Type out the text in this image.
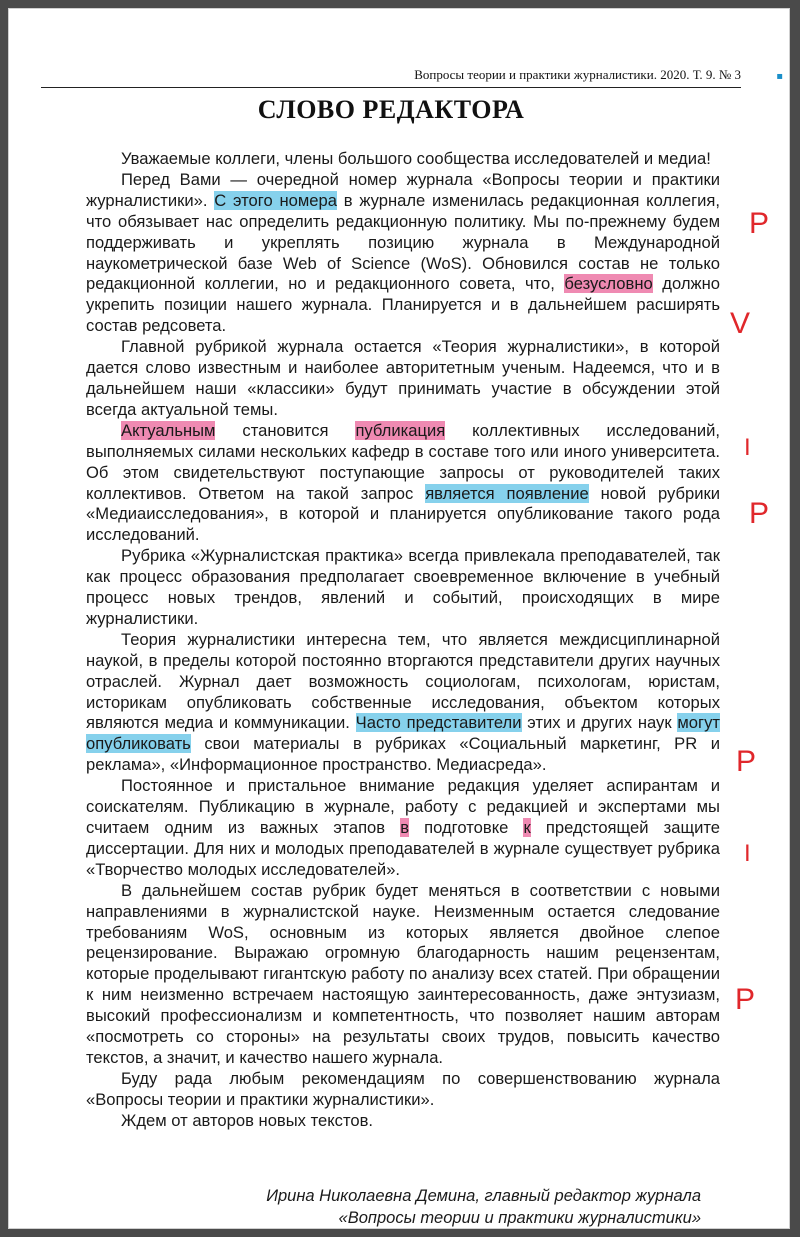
Вопросы теории и практики журналистики. 2020. Т. 9. № 3	▪
СЛОВО РЕДАКТОРА

Уважаемые коллеги, члены большого сообщества исследователей и медиа!

Перед Вами — очередной номер журнала «Вопросы теории и практики журналистики». С этого номера в журнале изменилась редакционная коллегия, что обязывает нас определить редакционную политику. Мы по-прежнему будем поддерживать и укреплять позицию журнала в Международной наукометрической базе Web of Science (WoS). Обновился состав не только редакционной коллегии, но и редакционного совета, что, безусловно должно укрепить позиции нашего журнала. Планируется и в дальнейшем расширять состав редсовета.

Главной рубрикой журнала остается «Теория журналистики», в которой дается слово известным и наиболее авторитетным ученым. Надеемся, что и в дальнейшем наши «классики» будут принимать участие в обсуждении этой всегда актуальной темы.

Актуальным становится публикация коллективных исследований, выполняемых силами нескольких кафедр в составе того или иного университета. Об этом свидетельствуют поступающие запросы от руководителей таких коллективов. Ответом на такой запрос является появление новой рубрики «Медиаисследования», в которой и планируется опубликование такого рода исследований.

Рубрика «Журналистская практика» всегда привлекала преподавателей, так как процесс образования предполагает своевременное включение в учебный процесс новых трендов, явлений и событий, происходящих в мире журналистики.

Теория журналистики интересна тем, что является междисциплинарной наукой, в пределы которой постоянно вторгаются представители других научных отраслей. Журнал дает возможность социологам, психологам, юристам, историкам опубликовать собственные исследования, объектом которых являются медиа и коммуникации. Часто представители этих и других наук могут опубликовать свои материалы в рубриках «Социальный маркетинг, PR и реклама», «Информационное пространство. Медиасреда».

Постоянное и пристальное внимание редакция уделяет аспирантам и соискателям. Публикацию в журнале, работу с редакцией и экспертами мы считаем одним из важных этапов в подготовке к предстоящей защите диссертации. Для них и молодых преподавателей в журнале существует рубрика «Творчество молодых исследователей».

В дальнейшем состав рубрик будет меняться в соответствии с новыми направлениями в журналистской науке. Неизменным остается следование требованиям WoS, основным из которых является двойное слепое рецензирование. Выражаю огромную благодарность нашим рецензентам, которые проделывают гигантскую работу по анализу всех статей. При обращении к ним неизменно встречаем настоящую заинтересованность, даже энтузиазм, высокий профессионализм и компетентность, что позволяет нашим авторам «посмотреть со стороны» на результаты своих трудов, повысить качество текстов, а значит, и качество нашего журнала.

Буду рада любым рекомендациям по совершенствованию журнала «Вопросы теории и практики журналистики».

Ждем от авторов новых текстов.

P
V
I
P
P
I
P
Ирина Николаевна Демина, главный редактор журнала
«Вопросы теории и практики журналистики»
